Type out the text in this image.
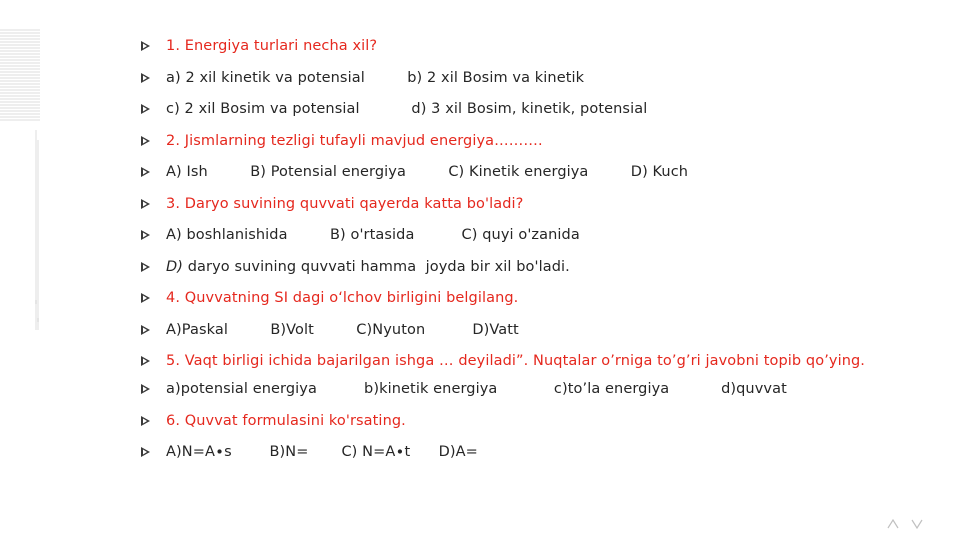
1. Energiya turlari necha xil?
a) 2 xil kinetik va potensial         b) 2 xil Bosim va kinetik
c) 2 xil Bosim va potensial           d) 3 xil Bosim, kinetik, potensial
2. Jismlarning tezligi tufayli mavjud energiya……….
A) Ish         B) Potensial energiya         C) Kinetik energiya         D) Kuch
3. Daryo suvining quvvati qayerda katta bo'ladi?
A) boshlanishida         B) o'rtasida          C) quyi o'zanida
D) daryo suvining quvvati hamma  joyda bir xil bo'ladi.
4. Quvvatning SI dagi o‘lchov birligini belgilang.
A)Paskal         B)Volt         C)Nyuton          D)Vatt
5. Vaqt birligi ichida bajarilgan ishga … deyiladi”. Nuqtalar o’rniga to’g’ri javobni topib qo’ying.
a)potensial energiya          b)kinetik energiya            c)to’la energiya           d)quvvat
6. Quvvat formulasini ko'rsating.
A)N=A∙s        B)N=       C) N=A∙t      D)A=
